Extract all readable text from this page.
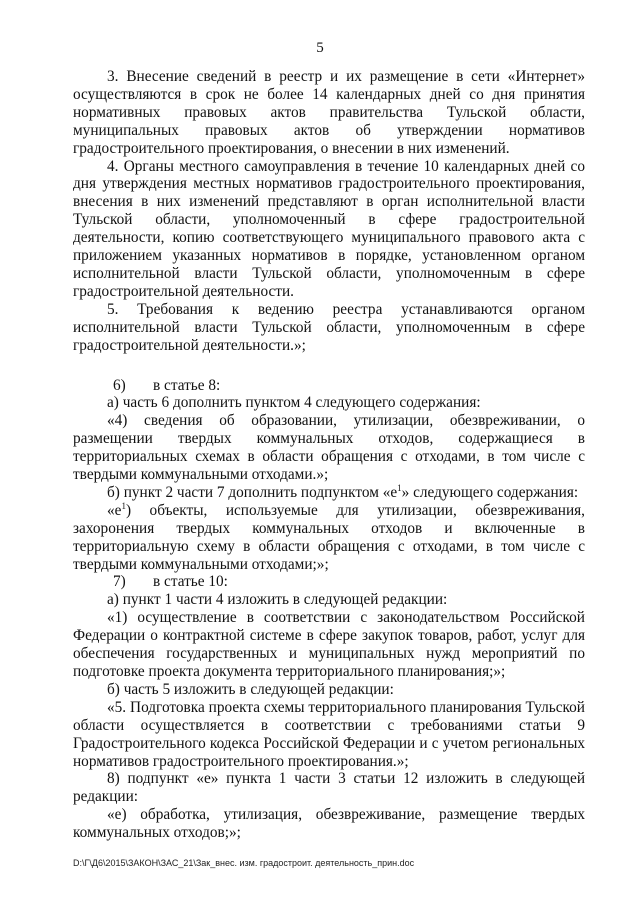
5

3. Внесение сведений в реестр и их размещение в сети «Интернет» осуществляются в срок не более 14 календарных дней со дня принятия нормативных правовых актов правительства Тульской области, муниципальных правовых актов об утверждении нормативов градостроительного проектирования, о внесении в них изменений.

4. Органы местного самоуправления в течение 10 календарных дней со дня утверждения местных нормативов градостроительного проектирования, внесения в них изменений представляют в орган исполнительной власти Тульской области, уполномоченный в сфере градостроительной деятельности, копию соответствующего муниципального правового акта с приложением указанных нормативов в порядке, установленном органом исполнительной власти Тульской области, уполномоченным в сфере градостроительной деятельности.

5. Требования к ведению реестра устанавливаются органом исполнительной власти Тульской области, уполномоченным в сфере градостроительной деятельности.»;

6)	в статье 8:

а) часть 6 дополнить пунктом 4 следующего содержания:

«4) сведения об образовании, утилизации, обезвреживании, о размещении твердых коммунальных отходов, содержащиеся в территориальных схемах в области обращения с отходами, в том числе с твердыми коммунальными отходами.»;

б) пункт 2 части 7 дополнить подпунктом «$е^1$» следующего содержания:

«$е^1$) объекты, используемые для утилизации, обезвреживания, захоронения твердых коммунальных отходов и включенные в территориальную схему в области обращения с отходами, в том числе с твердыми коммунальными отходами;»;

7)	в статье 10:

а) пункт 1 части 4 изложить в следующей редакции:

«1) осуществление в соответствии с законодательством Российской Федерации о контрактной системе в сфере закупок товаров, работ, услуг для обеспечения государственных и муниципальных нужд мероприятий по подготовке проекта документа территориального планирования;»;

б) часть 5 изложить в следующей редакции:

«5. Подготовка проекта схемы территориального планирования Тульской области осуществляется в соответствии с требованиями статьи 9 Градостроительного кодекса Российской Федерации и с учетом региональных нормативов градостроительного проектирования.»;

8) подпункт «е» пункта 1 части 3 статьи 12 изложить в следующей редакции:

«е) обработка, утилизация, обезвреживание, размещение твердых коммунальных отходов;»;

D:\Г\Д6\2015\ЗАКОН\ЗАС_21\Зак_внес. изм. градостроит. деятельность_прин.doc
